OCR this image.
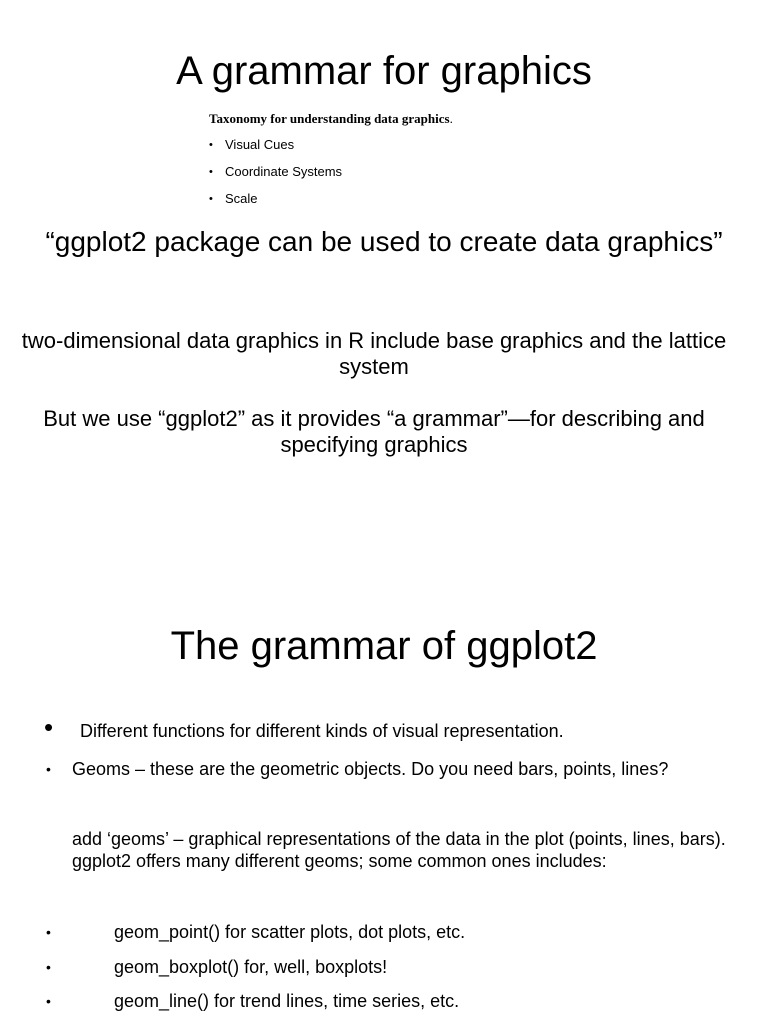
A grammar for graphics
Taxonomy for understanding data graphics.
• Visual Cues
• Coordinate Systems
• Scale
“ggplot2 package can be used to create data graphics”
two-dimensional data graphics in R include base graphics and the lattice system
But we use “ggplot2” as it provides “a grammar”—for describing and specifying graphics
The grammar of ggplot2
• Different functions for different kinds of visual representation.
• Geoms – these are the geometric objects. Do you need bars, points, lines?
add ‘geoms’ – graphical representations of the data in the plot (points, lines, bars). ggplot2 offers many different geoms; some common ones includes:
•	geom_point() for scatter plots, dot plots, etc.
•	geom_boxplot() for, well, boxplots!
•	geom_line() for trend lines, time series, etc.
